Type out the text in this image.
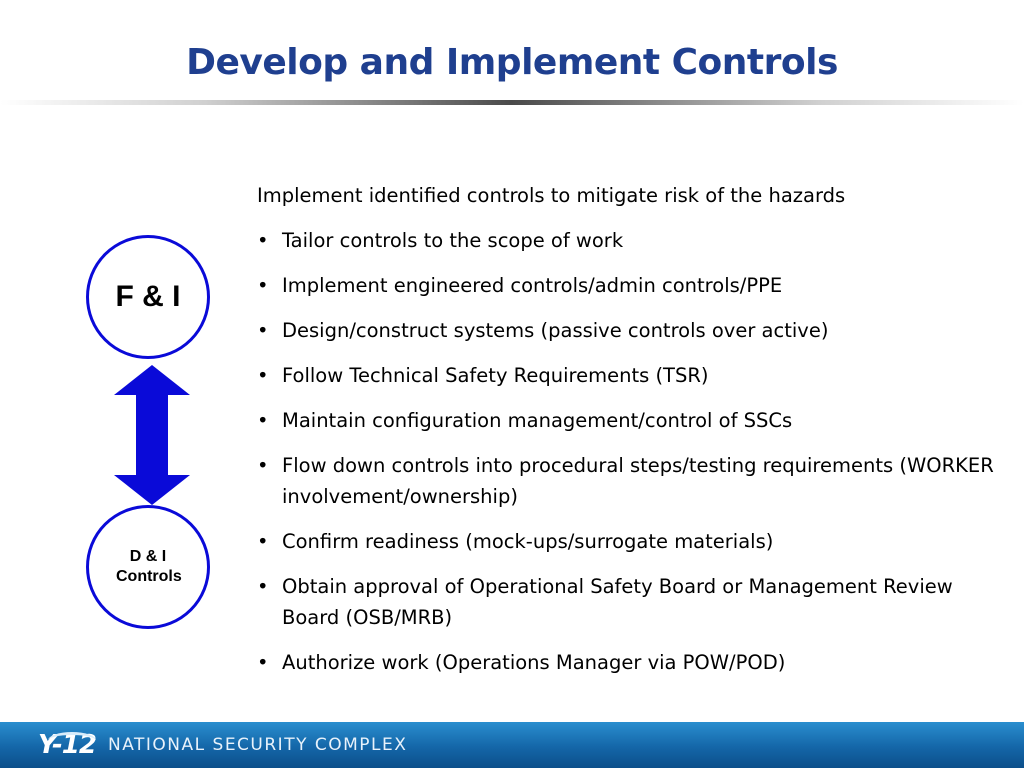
Develop and Implement Controls
F & I
D & I Controls

Implement identified controls to mitigate risk of the hazards

• Tailor controls to the scope of work
• Implement engineered controls/admin controls/PPE
• Design/construct systems (passive controls over active)
• Follow Technical Safety Requirements (TSR)
• Maintain configuration management/control of SSCs
• Flow down controls into procedural steps/testing requirements (WORKER involvement/ownership)
• Confirm readiness (mock-ups/surrogate materials)
• Obtain approval of Operational Safety Board or Management Review Board (OSB/MRB)
• Authorize work (Operations Manager via POW/POD)
Y-12 NATIONAL SECURITY COMPLEX
